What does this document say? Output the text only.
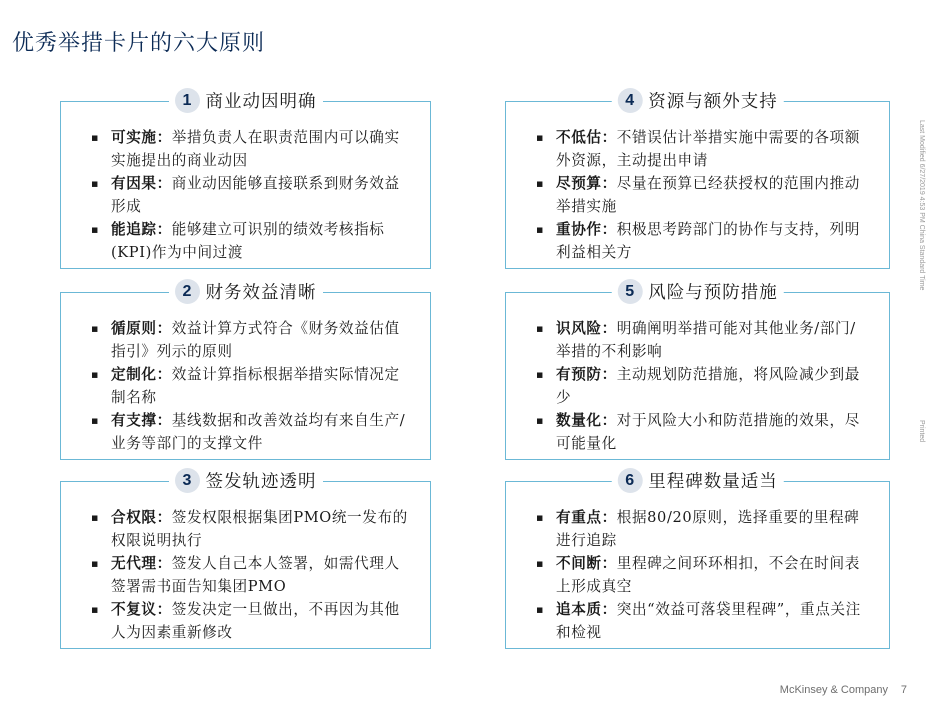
优秀举措卡片的六大原则
1 商业动因明确
▪ 可实施：举措负责人在职责范围内可以确实实施提出的商业动因
▪ 有因果：商业动因能够直接联系到财务效益形成
▪ 能追踪：能够建立可识别的绩效考核指标(KPI)作为中间过渡
2 财务效益清晰
▪ 循原则：效益计算方式符合《财务效益估值指引》列示的原则
▪ 定制化：效益计算指标根据举措实际情况定制名称
▪ 有支撑：基线数据和改善效益均有来自生产/业务等部门的支撑文件
3 签发轨迹透明
▪ 合权限：签发权限根据集团PMO统一发布的权限说明执行
▪ 无代理：签发人自己本人签署，如需代理人签署需书面告知集团PMO
▪ 不复议：签发决定一旦做出，不再因为其他人为因素重新修改
4 资源与额外支持
▪ 不低估：不错误估计举措实施中需要的各项额外资源，主动提出申请
▪ 尽预算：尽量在预算已经获授权的范围内推动举措实施
▪ 重协作：积极思考跨部门的协作与支持，列明利益相关方
5 风险与预防措施
▪ 识风险：明确阐明举措可能对其他业务/部门/举措的不利影响
▪ 有预防：主动规划防范措施，将风险减少到最少
▪ 数量化：对于风险大小和防范措施的效果，尽可能量化
6 里程碑数量适当
▪ 有重点：根据80/20原则，选择重要的里程碑进行追踪
▪ 不间断：里程碑之间环环相扣，不会在时间表上形成真空
▪ 追本质：突出“效益可落袋里程碑”，重点关注和检视
Last Modified 6/27/2019 4:53 PM China Standard Time
Printed
McKinsey & Company 7
